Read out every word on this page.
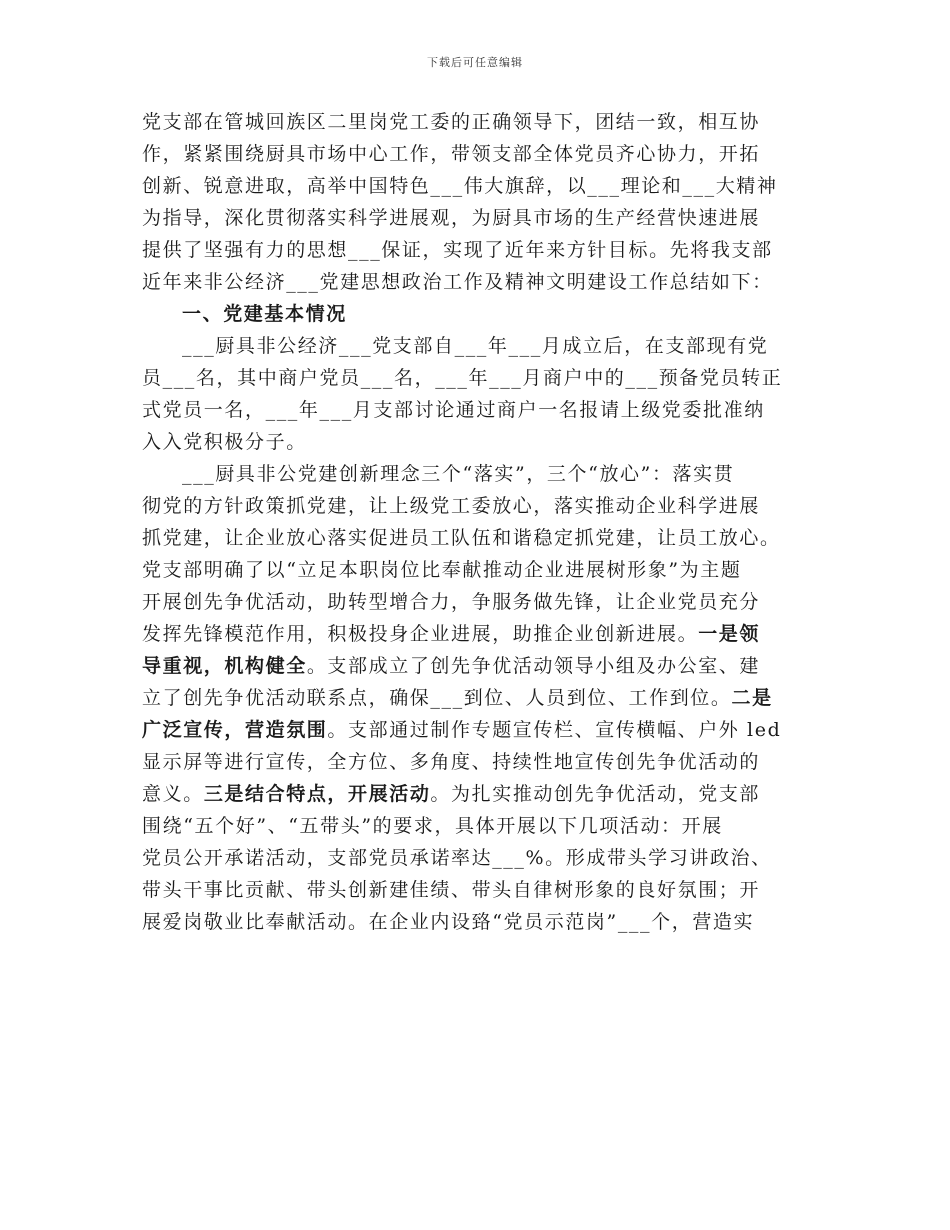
下载后可任意编辑
党支部在管城回族区二里岗党工委的正确领导下，团结一致，相互协
作，紧紧围绕厨具市场中心工作，带领支部全体党员齐心协力，开拓
创新、锐意进取，高举中国特色___伟大旗辞，以___理论和___大精神
为指导，深化贯彻落实科学进展观，为厨具市场的生产经营快速进展
提供了坚强有力的思想___保证，实现了近年来方针目标。先将我支部
近年来非公经济___党建思想政治工作及精神文明建设工作总结如下：
一、党建基本情况
___厨具非公经济___党支部自___年___月成立后，在支部现有党
员___名，其中商户党员___名，___年___月商户中的___预备党员转正
式党员一名，___年___月支部讨论通过商户一名报请上级党委批准纳
入入党积极分子。
___厨具非公党建创新理念三个“落实”，三个“放心”：落实贯
彻党的方针政策抓党建，让上级党工委放心，落实推动企业科学进展
抓党建，让企业放心落实促进员工队伍和谐稳定抓党建，让员工放心。
党支部明确了以“立足本职岗位比奉献推动企业进展树形象”为主题
开展创先争优活动，助转型增合力，争服务做先锋，让企业党员充分
发挥先锋模范作用，积极投身企业进展，助推企业创新进展。一是领
导重视，机构健全。支部成立了创先争优活动领导小组及办公室、建
立了创先争优活动联系点，确保___到位、人员到位、工作到位。二是
广泛宣传，营造氛围。支部通过制作专题宣传栏、宣传横幅、户外 led
显示屏等进行宣传，全方位、多角度、持续性地宣传创先争优活动的
意义。三是结合特点，开展活动。为扎实推动创先争优活动，党支部
围绕“五个好”、“五带头”的要求，具体开展以下几项活动：开展
党员公开承诺活动，支部党员承诺率达___%。形成带头学习讲政治、
带头干事比贡献、带头创新建佳绩、带头自律树形象的良好氛围；开
展爱岗敬业比奉献活动。在企业内设臵“党员示范岗”___个，营造实
